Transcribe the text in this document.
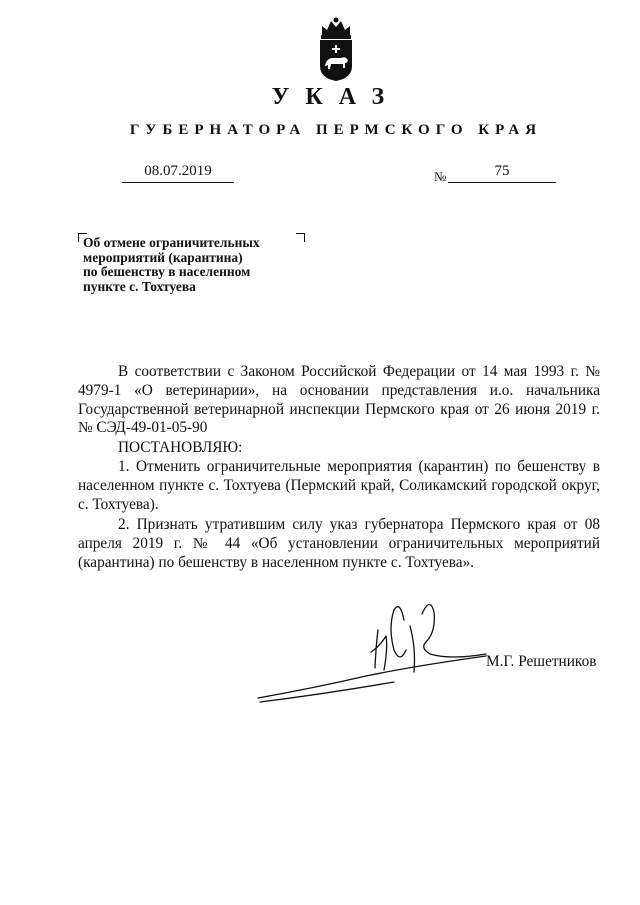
УКАЗ
ГУБЕРНАТОРА ПЕРМСКОГО КРАЯ
08.07.2019	№	75
Об отмене ограничительных
мероприятий (карантина)
по бешенству в населенном
пункте с. Тохтуева

В соответствии с Законом Российской Федерации от 14 мая 1993 г. № 4979-1 «О ветеринарии», на основании представления и.о. начальника Государственной ветеринарной инспекции Пермского края от 26 июня 2019 г. № СЭД-49-01-05-90

ПОСТАНОВЛЯЮ:

1. Отменить ограничительные мероприятия (карантин) по бешенству в населенном пункте с. Тохтуева (Пермский край, Соликамский городской округ, с. Тохтуева).

2. Признать утратившим силу указ губернатора Пермского края от 08 апреля 2019 г. № 44 «Об установлении ограничительных мероприятий (карантина) по бешенству в населенном пункте с. Тохтуева».

М.Г. Решетников
